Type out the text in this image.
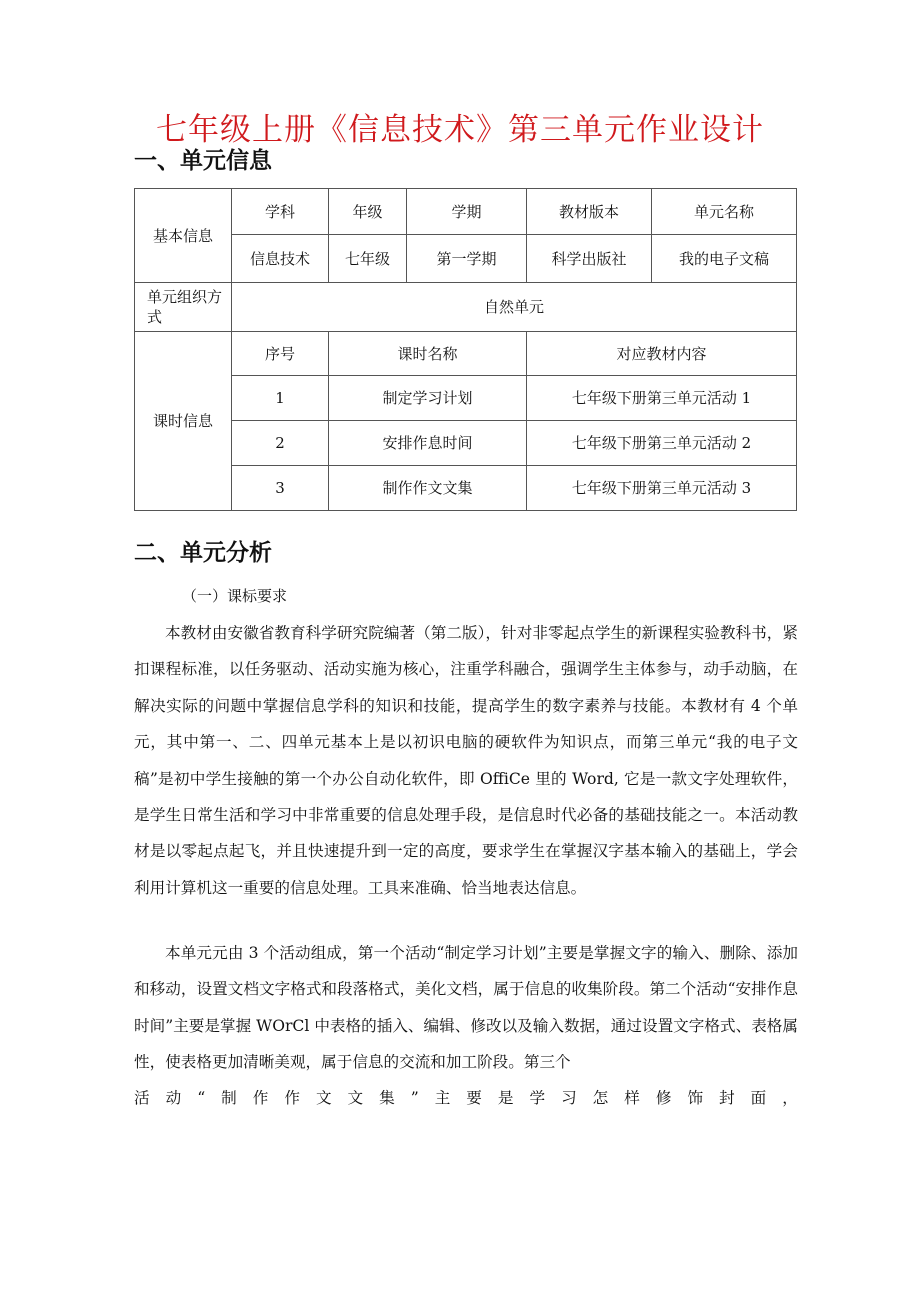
七年级上册《信息技术》第三单元作业设计
一、单元信息
基本信息	学科	年级	学期	教材版本	单元名称
	信息技术	七年级	第一学期	科学出版社	我的电子文稿
单元组织方式	自然单元				
课时信息	序号	课时名称		对应教材内容	
	1	制定学习计划		七年级下册第三单元活动 1	
	2	安排作息时间		七年级下册第三单元活动 2	
	3	制作作文文集		七年级下册第三单元活动 3	
二、单元分析
（一）课标要求

本教材由安徽省教育科学研究院编著（第二版），针对非零起点学生的新课程实验教科书，紧扣课程标准，以任务驱动、活动实施为核心，注重学科融合，强调学生主体参与，动手动脑，在解决实际的问题中掌握信息学科的知识和技能，提高学生的数字素养与技能。本教材有 4 个单元，其中第一、二、四单元基本上是以初识电脑的硬软件为知识点，而第三单元“我的电子文稿”是初中学生接触的第一个办公自动化软件，即 OffiCe 里的 Word, 它是一款文字处理软件，是学生日常生活和学习中非常重要的信息处理手段，是信息时代必备的基础技能之一。本活动教材是以零起点起飞，并且快速提升到一定的高度，要求学生在掌握汉字基本输入的基础上，学会利用计算机这一重要的信息处理。工具来准确、恰当地表达信息。

本单元元由 3 个活动组成，第一个活动“制定学习计划”主要是掌握文字的输入、删除、添加和移动，设置文档文字格式和段落格式，美化文档，属于信息的收集阶段。第二个活动“安排作息时间”主要是掌握 WOrCl 中表格的插入、编辑、修改以及输入数据，通过设置文字格式、表格属性，使表格更加清晰美观，属于信息的交流和加工阶段。第三个

活 动 “ 制 作 作 文 文 集 ” 主 要 是 学 习 怎 样 修 饰 封 面 ，
